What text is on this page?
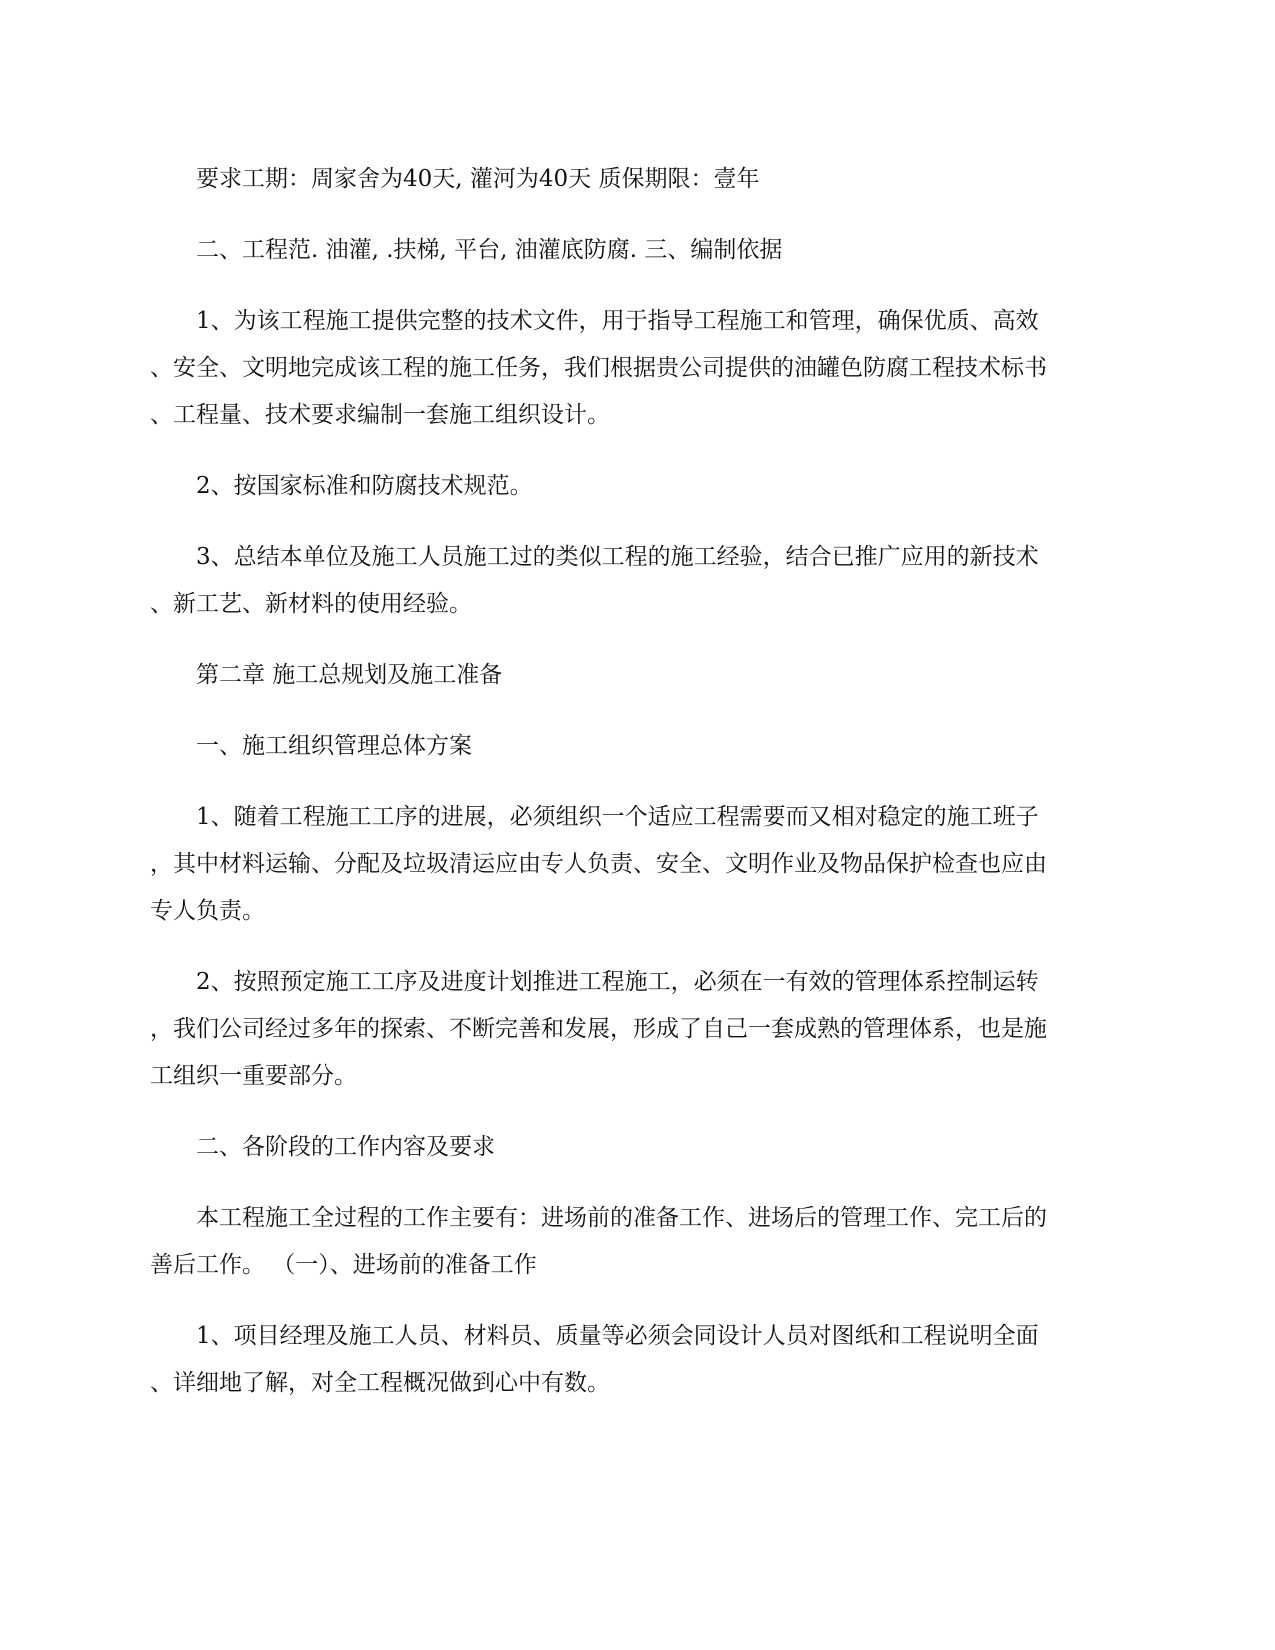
要求工期：周家舍为40天, 灌河为40天 质保期限：壹年

二、工程范. 油灌, .扶梯, 平台, 油灌底防腐. 三、编制依据

1、为该工程施工提供完整的技术文件，用于指导工程施工和管理，确保优质、高效
、安全、文明地完成该工程的施工任务，我们根据贵公司提供的油罐色防腐工程技术标书
、工程量、技术要求编制一套施工组织设计。

2、按国家标准和防腐技术规范。

3、总结本单位及施工人员施工过的类似工程的施工经验，结合已推广应用的新技术
、新工艺、新材料的使用经验。

第二章 施工总规划及施工准备

一、施工组织管理总体方案

1、随着工程施工工序的进展，必须组织一个适应工程需要而又相对稳定的施工班子
，其中材料运输、分配及垃圾清运应由专人负责、安全、文明作业及物品保护检查也应由
专人负责。

2、按照预定施工工序及进度计划推进工程施工，必须在一有效的管理体系控制运转
，我们公司经过多年的探索、不断完善和发展，形成了自己一套成熟的管理体系，也是施
工组织一重要部分。

二、各阶段的工作内容及要求

本工程施工全过程的工作主要有：进场前的准备工作、进场后的管理工作、完工后的
善后工作。 （一）、进场前的准备工作

1、项目经理及施工人员、材料员、质量等必须会同设计人员对图纸和工程说明全面
、详细地了解，对全工程概况做到心中有数。
